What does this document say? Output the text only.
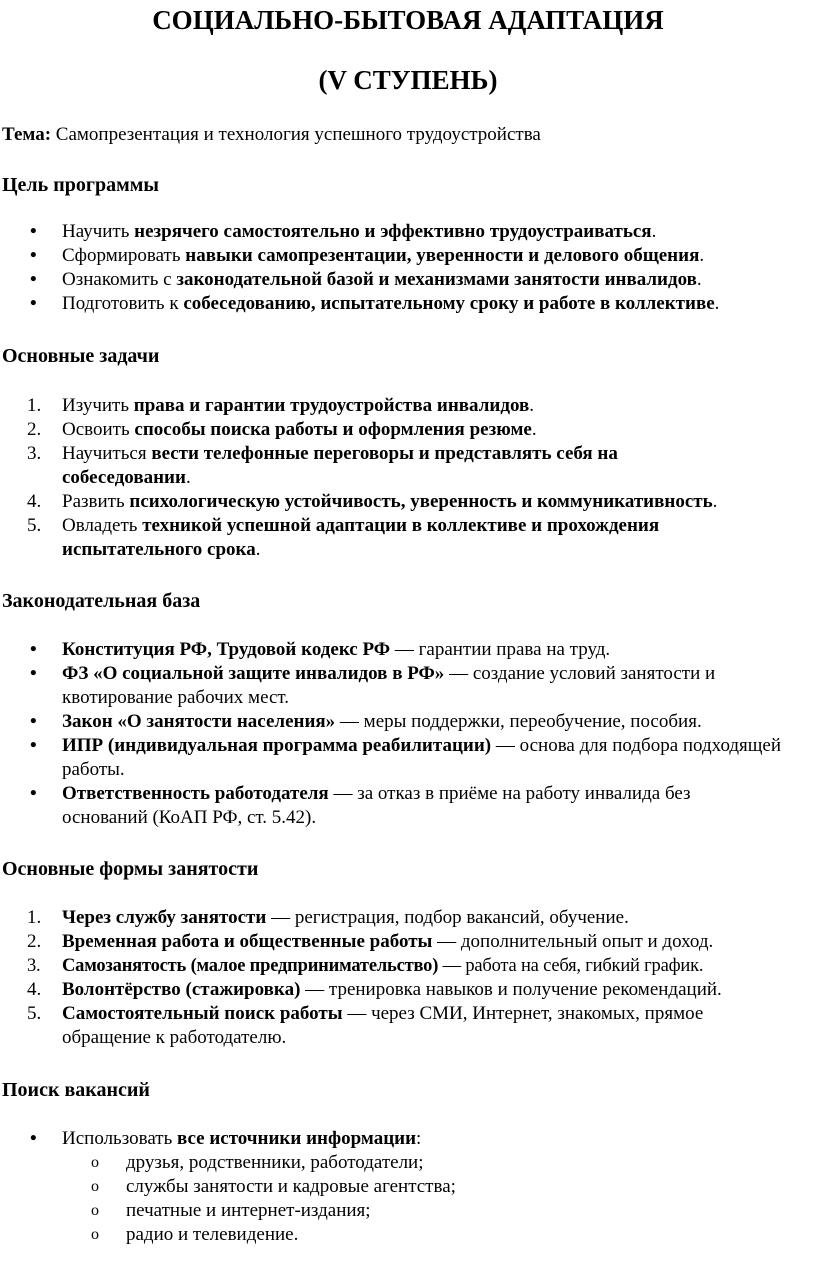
СОЦИАЛЬНО-БЫТОВАЯ АДАПТАЦИЯ

(V СТУПЕНЬ)

Тема: Самопрезентация и технология успешного трудоустройства

Цель программы

•	Научить незрячего самостоятельно и эффективно трудоустраиваться.
•	Сформировать навыки самопрезентации, уверенности и делового общения.
•	Ознакомить с законодательной базой и механизмами занятости инвалидов.
•	Подготовить к собеседованию, испытательному сроку и работе в коллективе.

Основные задачи

1.	Изучить права и гарантии трудоустройства инвалидов.
2.	Освоить способы поиска работы и оформления резюме.
3.	Научиться вести телефонные переговоры и представлять себя на собеседовании.
4.	Развить психологическую устойчивость, уверенность и коммуникативность.
5.	Овладеть техникой успешной адаптации в коллективе и прохождения испытательного срока.

Законодательная база

•	Конституция РФ, Трудовой кодекс РФ — гарантии права на труд.
•	ФЗ «О социальной защите инвалидов в РФ» — создание условий занятости и квотирование рабочих мест.
•	Закон «О занятости населения» — меры поддержки, переобучение, пособия.
•	ИПР (индивидуальная программа реабилитации) — основа для подбора подходящей работы.
•	Ответственность работодателя — за отказ в приёме на работу инвалида без оснований (КоАП РФ, ст. 5.42).

Основные формы занятости

1.	Через службу занятости — регистрация, подбор вакансий, обучение.
2.	Временная работа и общественные работы — дополнительный опыт и доход.
3.	Самозанятость (малое предпринимательство) — работа на себя, гибкий график.
4.	Волонтёрство (стажировка) — тренировка навыков и получение рекомендаций.
5.	Самостоятельный поиск работы — через СМИ, Интернет, знакомых, прямое обращение к работодателю.

Поиск вакансий

•	Использовать все источники информации:
o друзья, родственники, работодатели;
o службы занятости и кадровые агентства;
o печатные и интернет-издания;
o радио и телевидение.
